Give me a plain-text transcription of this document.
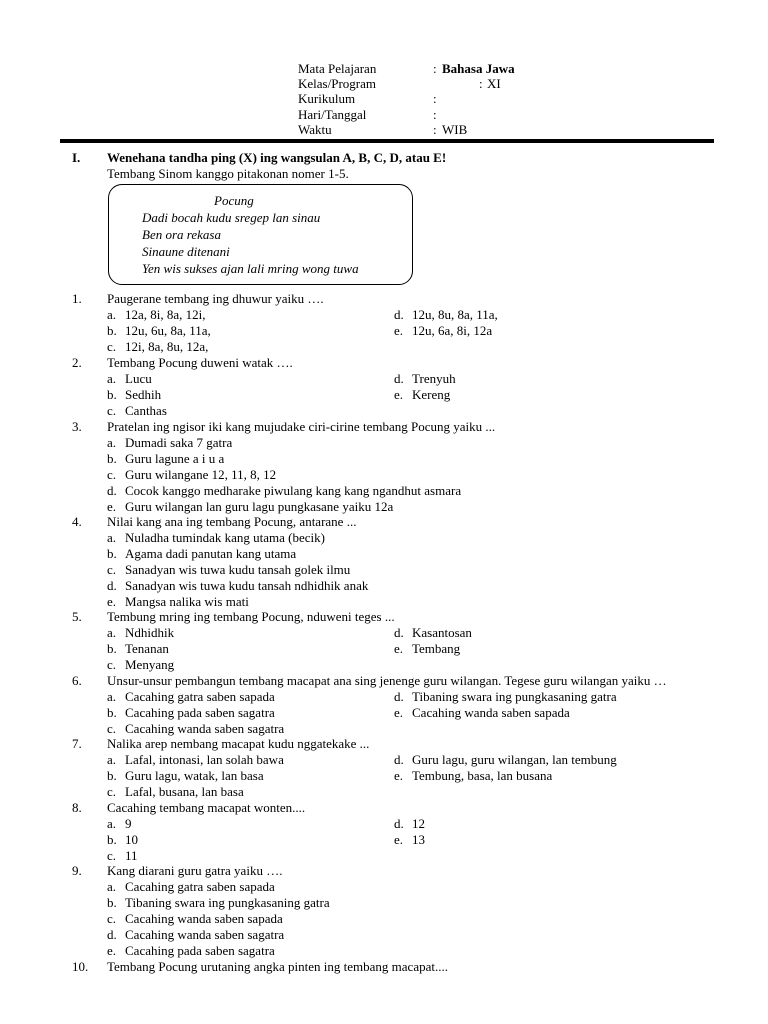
Mata Pelajaran	: Bahasa Jawa
Kelas/Program	: XI
Kurikulum	:
Hari/Tanggal	:
Waktu	: WIB
I. Wenehana tandha ping (X) ing wangsulan A, B, C, D, atau E!
Tembang Sinom kanggo pitakonan nomer 1-5.
Pocung
Dadi bocah kudu sregep lan sinau
Ben ora rekasa
Sinaune ditenani
Yen wis sukses ajan lali mring wong tuwa
1. Paugerane tembang ing dhuwur yaiku ….
a. 12a, 8i, 8a, 12i,	d. 12u, 8u, 8a, 11a,
b. 12u, 6u, 8a, 11a,	e. 12u, 6a, 8i, 12a
c. 12i, 8a, 8u, 12a,
2. Tembang Pocung duweni watak ….
a. Lucu	d. Trenyuh
b. Sedhih	e. Kereng
c. Canthas
3. Pratelan ing ngisor iki kang mujudake ciri-cirine tembang Pocung yaiku ...
a. Dumadi saka 7 gatra
b. Guru lagune a i u a
c. Guru wilangane 12, 11, 8, 12
d. Cocok kanggo medharake piwulang kang kang ngandhut asmara
e. Guru wilangan lan guru lagu pungkasane yaiku 12a
4. Nilai kang ana ing tembang Pocung, antarane ...
a. Nuladha tumindak kang utama (becik)
b. Agama dadi panutan kang utama
c. Sanadyan wis tuwa kudu tansah golek ilmu
d. Sanadyan wis tuwa kudu tansah ndhidhik anak
e. Mangsa nalika wis mati
5. Tembung mring ing tembang Pocung, nduweni teges ...
a. Ndhidhik	d. Kasantosan
b. Tenanan	e. Tembang
c. Menyang
6. Unsur-unsur pembangun tembang macapat ana sing jenenge guru wilangan. Tegese guru wilangan yaiku …
a. Cacahing gatra saben sapada	d. Tibaning swara ing pungkasaning gatra
b. Cacahing pada saben sagatra	e. Cacahing wanda saben sapada
c. Cacahing wanda saben sagatra
7. Nalika arep nembang macapat kudu nggatekake ...
a. Lafal, intonasi, lan solah bawa	d. Guru lagu, guru wilangan, lan tembung
b. Guru lagu, watak, lan basa	e. Tembung, basa, lan busana
c. Lafal, busana, lan basa
8. Cacahing tembang macapat wonten....
a. 9	d. 12
b. 10	e. 13
c. 11
9. Kang diarani guru gatra yaiku ….
a. Cacahing gatra saben sapada
b. Tibaning swara ing pungkasaning gatra
c. Cacahing wanda saben sapada
d. Cacahing wanda saben sagatra
e. Cacahing pada saben sagatra
10. Tembang Pocung urutaning angka pinten ing tembang macapat....
